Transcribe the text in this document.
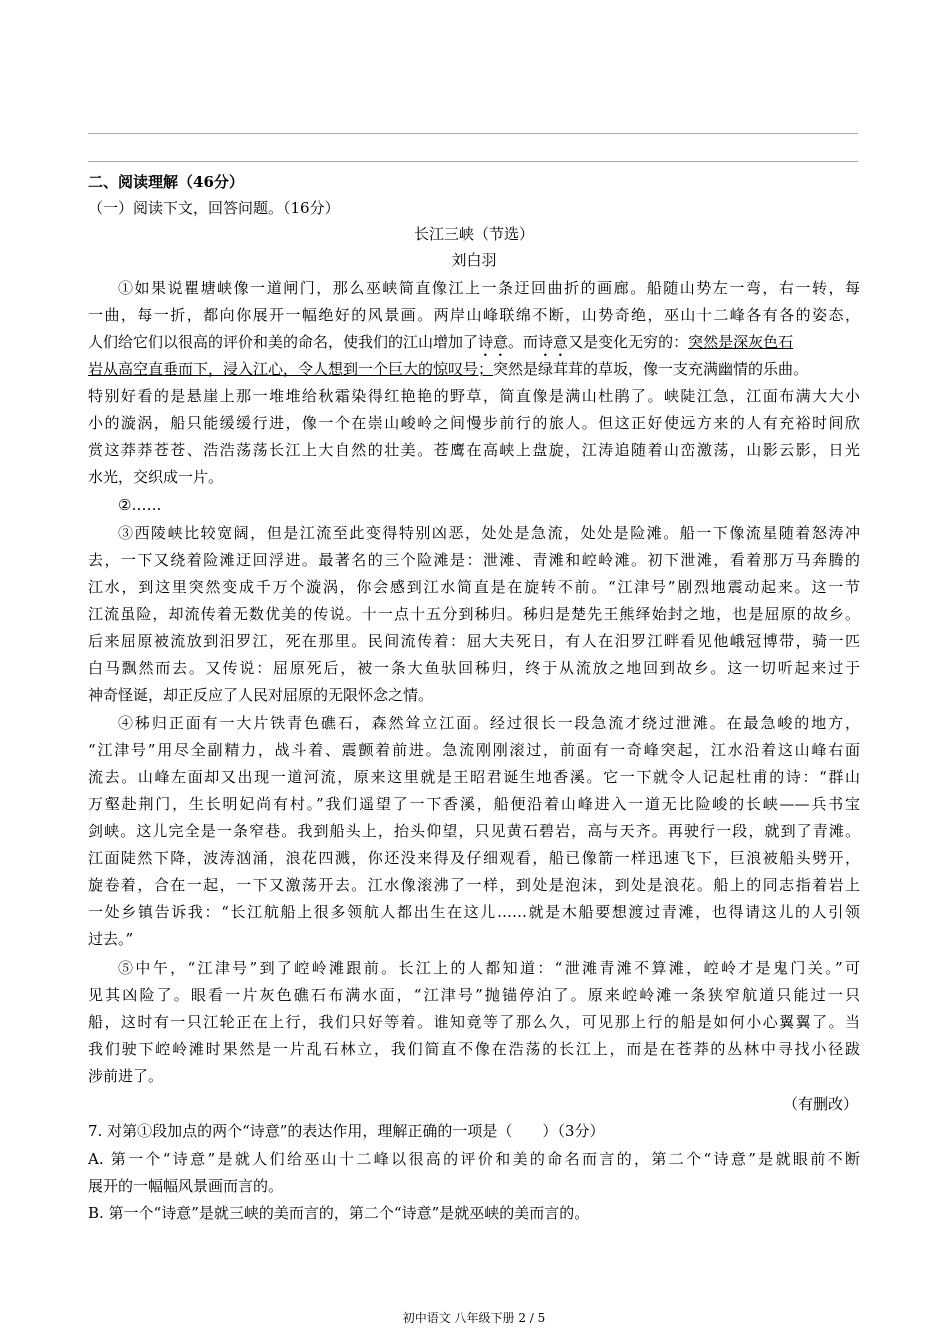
二、阅读理解（46分）
（一）阅读下文，回答问题。（16分）
长江三峡（节选）
刘白羽
①如果说瞿塘峡像一道闸门，那么巫峡简直像江上一条迂回曲折的画廊。船随山势左一弯，右一转，每
一曲，每一折，都向你展开一幅绝好的风景画。两岸山峰联绵不断，山势奇绝，巫山十二峰各有各的姿态，
人们给它们以很高的评价和美的命名，使我们的江山增加了诗意。而诗意又是变化无穷的：突然是深灰色石
岩从高空直垂而下，浸入江心，令人想到一个巨大的惊叹号；突然是绿茸茸的草坂，像一支充满幽情的乐曲。
特别好看的是悬崖上那一堆堆给秋霜染得红艳艳的野草，简直像是满山杜鹃了。峡陡江急，江面布满大大小
小的漩涡，船只能缓缓行进，像一个在崇山峻岭之间慢步前行的旅人。但这正好使远方来的人有充裕时间欣
赏这莽莽苍苍、浩浩荡荡长江上大自然的壮美。苍鹰在高峡上盘旋，江涛追随着山峦激荡，山影云影，日光
水光，交织成一片。
②……
③西陵峡比较宽阔，但是江流至此变得特别凶恶，处处是急流，处处是险滩。船一下像流星随着怒涛冲
去，一下又绕着险滩迂回浮进。最著名的三个险滩是：泄滩、青滩和崆岭滩。初下泄滩，看着那万马奔腾的
江水，到这里突然变成千万个漩涡，你会感到江水简直是在旋转不前。“江津号”剧烈地震动起来。这一节
江流虽险，却流传着无数优美的传说。十一点十五分到秭归。秭归是楚先王熊绎始封之地，也是屈原的故乡。
后来屈原被流放到汨罗江，死在那里。民间流传着：屈大夫死日，有人在汨罗江畔看见他峨冠博带，骑一匹
白马飘然而去。又传说：屈原死后，被一条大鱼驮回秭归，终于从流放之地回到故乡。这一切听起来过于
神奇怪诞，却正反应了人民对屈原的无限怀念之情。
④秭归正面有一大片铁青色礁石，森然耸立江面。经过很长一段急流才绕过泄滩。在最急峻的地方，
“江津号”用尽全副精力，战斗着、震颤着前进。急流刚刚滚过，前面有一奇峰突起，江水沿着这山峰右面
流去。山峰左面却又出现一道河流，原来这里就是王昭君诞生地香溪。它一下就令人记起杜甫的诗：“群山
万壑赴荆门，生长明妃尚有村。”我们遥望了一下香溪，船便沿着山峰进入一道无比险峻的长峡——兵书宝
剑峡。这儿完全是一条窄巷。我到船头上，抬头仰望，只见黄石碧岩，高与天齐。再驶行一段，就到了青滩。
江面陡然下降，波涛汹涌，浪花四溅，你还没来得及仔细观看，船已像箭一样迅速飞下，巨浪被船头劈开，
旋卷着，合在一起，一下又激荡开去。江水像滚沸了一样，到处是泡沫，到处是浪花。船上的同志指着岩上
一处乡镇告诉我：“长江航船上很多领航人都出生在这儿……就是木船要想渡过青滩，也得请这儿的人引领
过去。”
⑤中午，“江津号”到了崆岭滩跟前。长江上的人都知道：“泄滩青滩不算滩，崆岭才是鬼门关。”可
见其凶险了。眼看一片灰色礁石布满水面，“江津号”抛锚停泊了。原来崆岭滩一条狭窄航道只能过一只
船，这时有一只江轮正在上行，我们只好等着。谁知竟等了那么久，可见那上行的船是如何小心翼翼了。当
我们驶下崆岭滩时果然是一片乱石林立，我们简直不像在浩荡的长江上，而是在苍莽的丛林中寻找小径跋
涉前进了。
（有删改）
7. 对第①段加点的两个“诗意”的表达作用，理解正确的一项是（　　）（3分）
A. 第一个“诗意”是就人们给巫山十二峰以很高的评价和美的命名而言的，第二个“诗意”是就眼前不断
展开的一幅幅风景画而言的。
B. 第一个“诗意”是就三峡的美而言的，第二个“诗意”是就巫峡的美而言的。
初中语文 八年级下册 2 / 5
